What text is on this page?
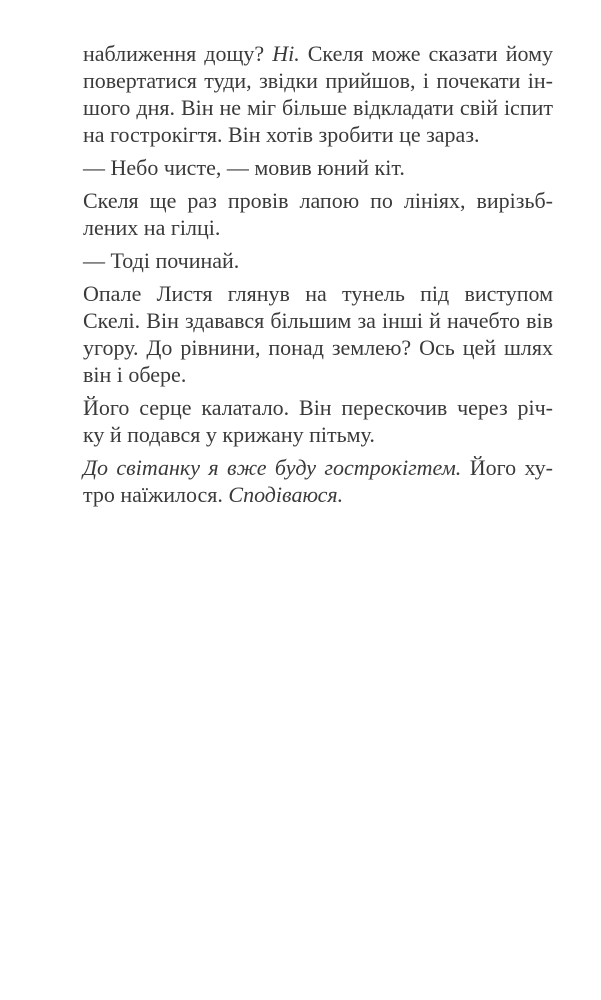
наближення дощу? Ні. Скеля може сказати йому
повертатися туди, звідки прийшов, і почекати ін-
шого дня. Він не міг більше відкладати свій іспит
на гострокігтя. Він хотів зробити це зараз.
— Небо чисте, — мовив юний кіт.
Скеля ще раз провів лапою по лініях, вирізьб-
лених на гілці.
— Тоді починай.
Опале Листя глянув на тунель під виступом
Скелі. Він здавався більшим за інші й начебто вів
угору. До рівнини, понад землею? Ось цей шлях
він і обере.
Його серце калатало. Він перескочив через річ-
ку й подався у крижану пітьму.
До світанку я вже буду гострокігтем. Його ху-
тро наїжилося. Сподіваюся.
